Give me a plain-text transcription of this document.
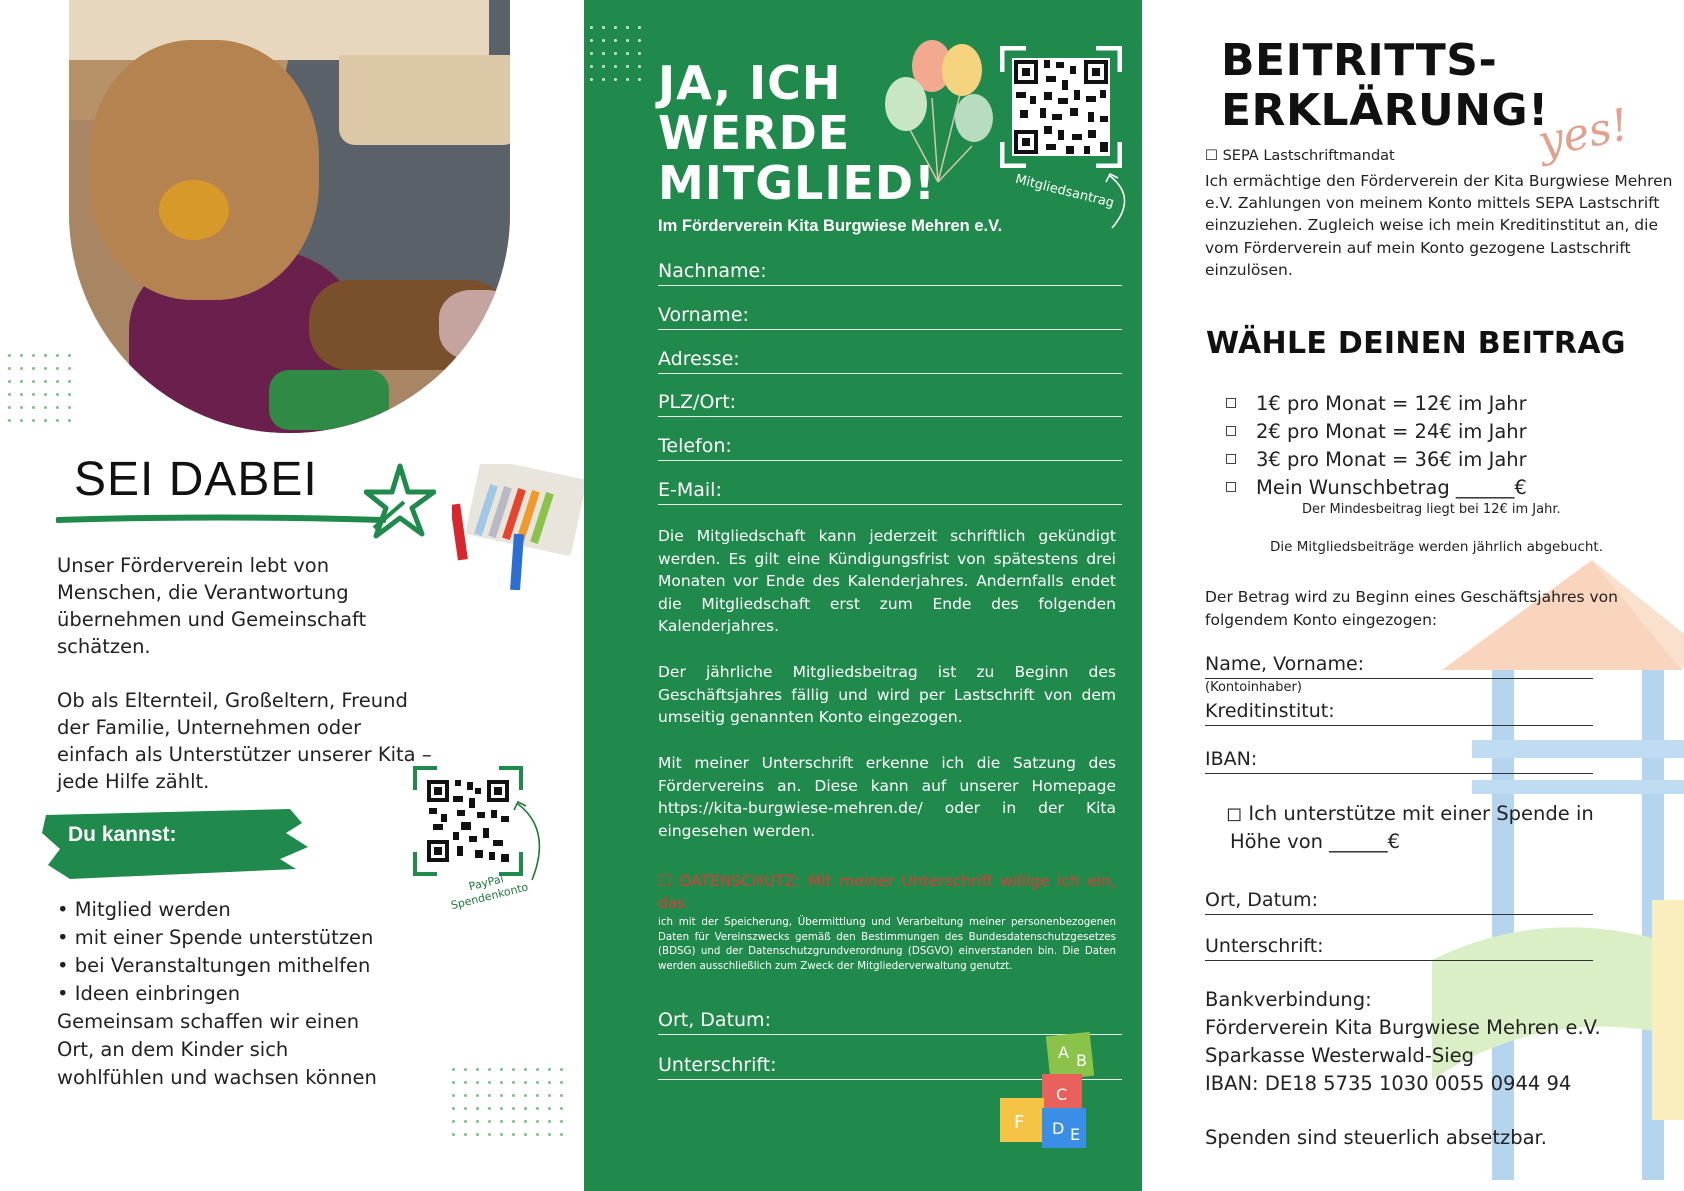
SEI DABEI
Unser Förderverein lebt von Menschen, die Verantwortung übernehmen und Gemeinschaft schätzen.
Ob als Elternteil, Großeltern, Freund der Familie, Unternehmen oder einfach als Unterstützer unserer Kita – jede Hilfe zählt.
Du kannst:
PayPal Spendenkonto
• Mitglied werden
• mit einer Spende unterstützen
• bei Veranstaltungen mithelfen
• Ideen einbringen
Gemeinsam schaffen wir einen Ort, an dem Kinder sich wohlfühlen und wachsen können
JA, ICH
WERDE
MITGLIED!
Im Förderverein Kita Burgwiese Mehren e.V.
Mitgliedsantrag
Nachname:
Vorname:
Adresse:
PLZ/Ort:
Telefon:
E-Mail:
Die Mitgliedschaft kann jederzeit schriftlich gekündigt werden. Es gilt eine Kündigungsfrist von spätestens drei Monaten vor Ende des Kalenderjahres. Andernfalls endet die Mitgliedschaft erst zum Ende des folgenden Kalenderjahres.
Der jährliche Mitgliedsbeitrag ist zu Beginn des Geschäftsjahres fällig und wird per Lastschrift von dem umseitig genannten Konto eingezogen.
Mit meiner Unterschrift erkenne ich die Satzung des Fördervereins an. Diese kann auf unserer Homepage https://kita-burgwiese-mehren.de/ oder in der Kita eingesehen werden.
☐ DATENSCHUTZ: Mit meiner Unterschrift willige ich ein, das
ich mit der Speicherung, Übermittlung und Verarbeitung meiner personenbezogenen Daten für Vereinszwecks gemäß den Bestimmungen des Bundesdatenschutzgesetzes (BDSG) und der Datenschutzgrundverordnung (DSGVO) einverstanden bin. Die Daten werden ausschließlich zum Zweck der Mitgliederverwaltung genutzt.
Ort, Datum:
Unterschrift:
A B
C
F D E
BEITRITTS-
ERKLÄRUNG!
yes!
☐ SEPA Lastschriftmandat
Ich ermächtige den Förderverein der Kita Burgwiese Mehren e.V. Zahlungen von meinem Konto mittels SEPA Lastschrift einzuziehen. Zugleich weise ich mein Kreditinstitut an, die vom Förderverein auf mein Konto gezogene Lastschrift einzulösen.
WÄHLE DEINEN BEITRAG
1€ pro Monat = 12€ im Jahr
2€ pro Monat = 24€ im Jahr
3€ pro Monat = 36€ im Jahr
Mein Wunschbetrag ______€
Der Mindesbeitrag liegt bei 12€ im Jahr.
Die Mitgliedsbeiträge werden jährlich abgebucht.
Der Betrag wird zu Beginn eines Geschäftsjahres von folgendem Konto eingezogen:
Name, Vorname:
(Kontoinhaber)
Kreditinstitut:
IBAN:
◻ Ich unterstütze mit einer Spende in
Höhe von ______€
Ort, Datum:
Unterschrift:
Bankverbindung:
Förderverein Kita Burgwiese Mehren e.V.
Sparkasse Westerwald-Sieg
IBAN: DE18 5735 1030 0055 0944 94
Spenden sind steuerlich absetzbar.
